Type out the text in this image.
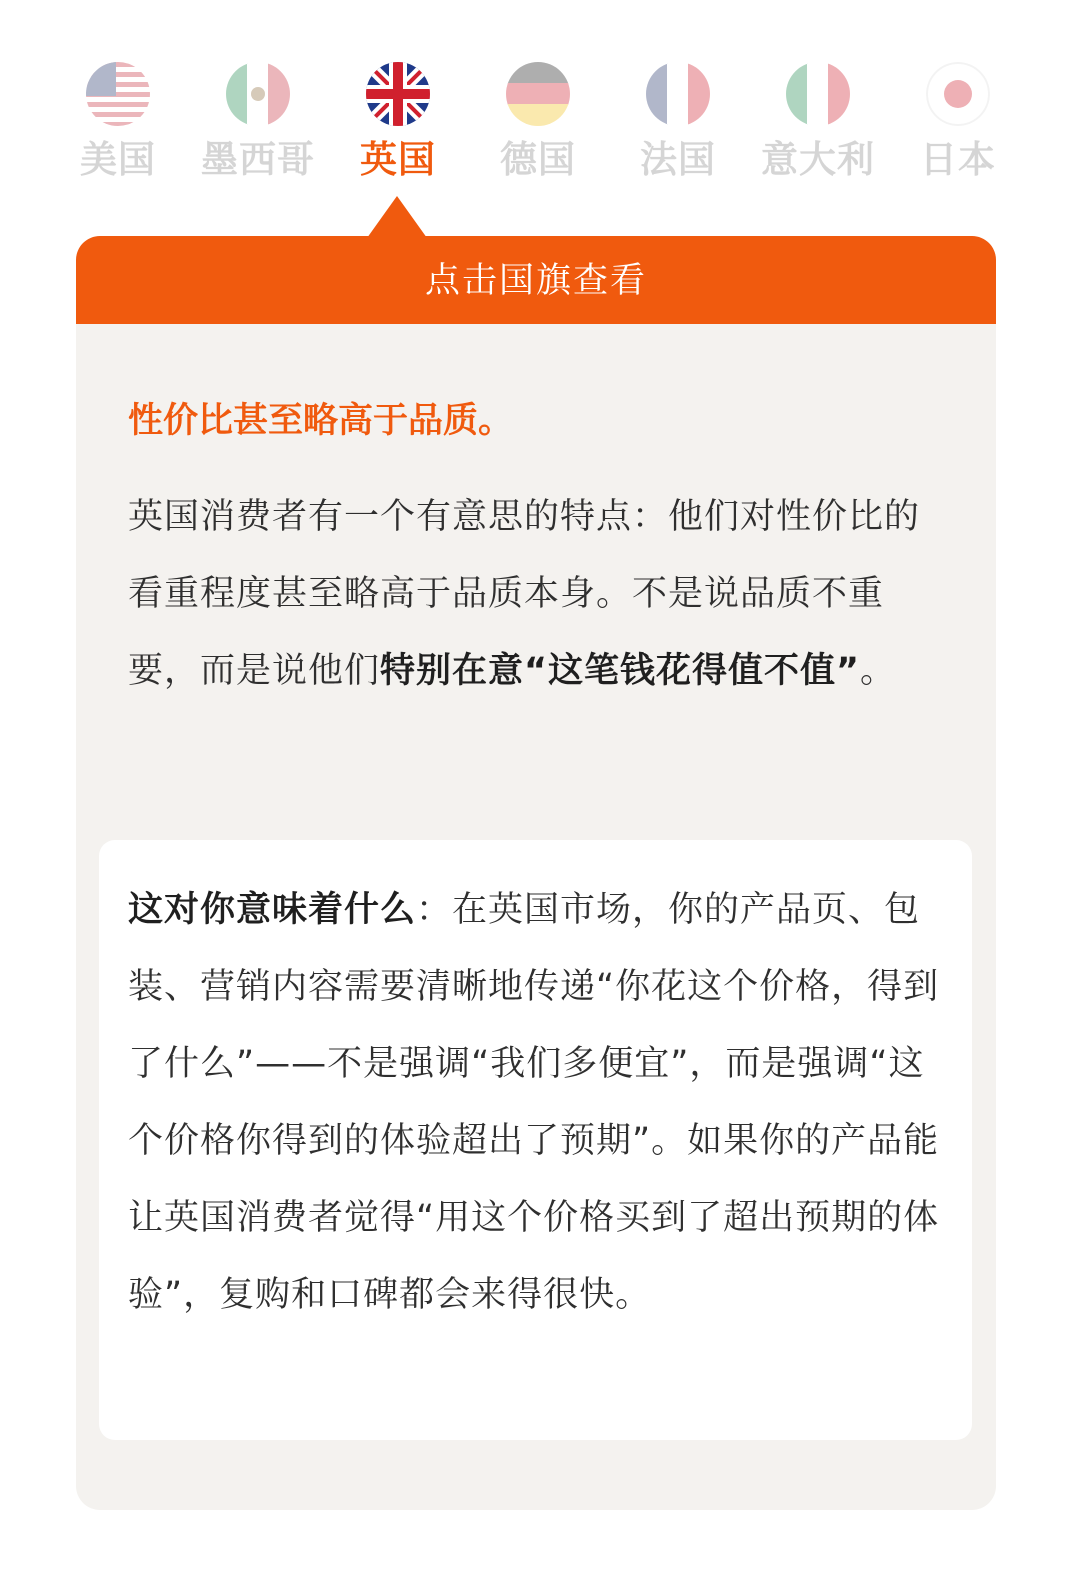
美国	墨西哥	英国	德国	法国	意大利	日本
点击国旗查看
性价比甚至略高于品质。
英国消费者有一个有意思的特点：他们对性价比的看重程度甚至略高于品质本身。不是说品质不重要，而是说他们特别在意“这笔钱花得值不值”。
这对你意味着什么：在英国市场，你的产品页、包装、营销内容需要清晰地传递“你花这个价格，得到了什么”——不是强调“我们多便宜”，而是强调“这个价格你得到的体验超出了预期”。如果你的产品能让英国消费者觉得“用这个价格买到了超出预期的体验”，复购和口碑都会来得很快。
